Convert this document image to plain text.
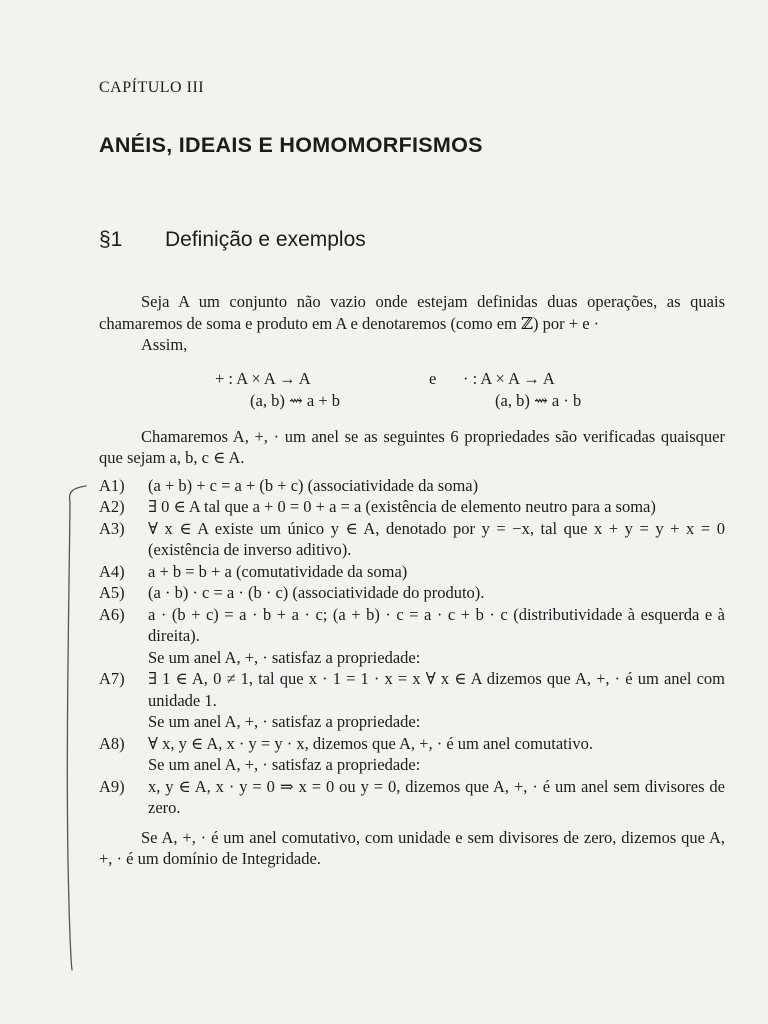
CAPÍTULO III
ANÉIS, IDEAIS E HOMOMORFISMOS
§1 Definição e exemplos

Seja A um conjunto não vazio onde estejam definidas duas operações, as quais chamaremos de soma e produto em A e denotaremos (como em ℤ) por + e ·

Assim,

+ : A × A → A	e · : A × A → A
(a, b) ⇝ a + b	(a, b) ⇝ a · b

Chamaremos A, +, · um anel se as seguintes 6 propriedades são verificadas quaisquer que sejam a, b, c ∈ A.

A1) (a + b) + c = a + (b + c) (associatividade da soma)

A2) ∃ 0 ∈ A tal que a + 0 = 0 + a = a (existência de elemento neutro para a soma)

A3) ∀ x ∈ A existe um único y ∈ A, denotado por y = −x, tal que x + y = y + x = 0 (existência de inverso aditivo).

A4) a + b = b + a (comutatividade da soma)

A5) (a · b) · c = a · (b · c) (associatividade do produto).

A6) a · (b + c) = a · b + a · c; (a + b) · c = a · c + b · c (distributividade à esquerda e à direita).

Se um anel A, +, · satisfaz a propriedade:

A7) ∃ 1 ∈ A, 0 ≠ 1, tal que x · 1 = 1 · x = x ∀ x ∈ A dizemos que A, +, · é um anel com unidade 1.

Se um anel A, +, · satisfaz a propriedade:

A8) ∀ x, y ∈ A, x · y = y · x, dizemos que A, +, · é um anel comutativo.

Se um anel A, +, · satisfaz a propriedade:

A9) x, y ∈ A, x · y = 0 ⇒ x = 0 ou y = 0, dizemos que A, +, · é um anel sem divisores de zero.

Se A, +, · é um anel comutativo, com unidade e sem divisores de zero, dizemos que A, +, · é um domínio de Integridade.
